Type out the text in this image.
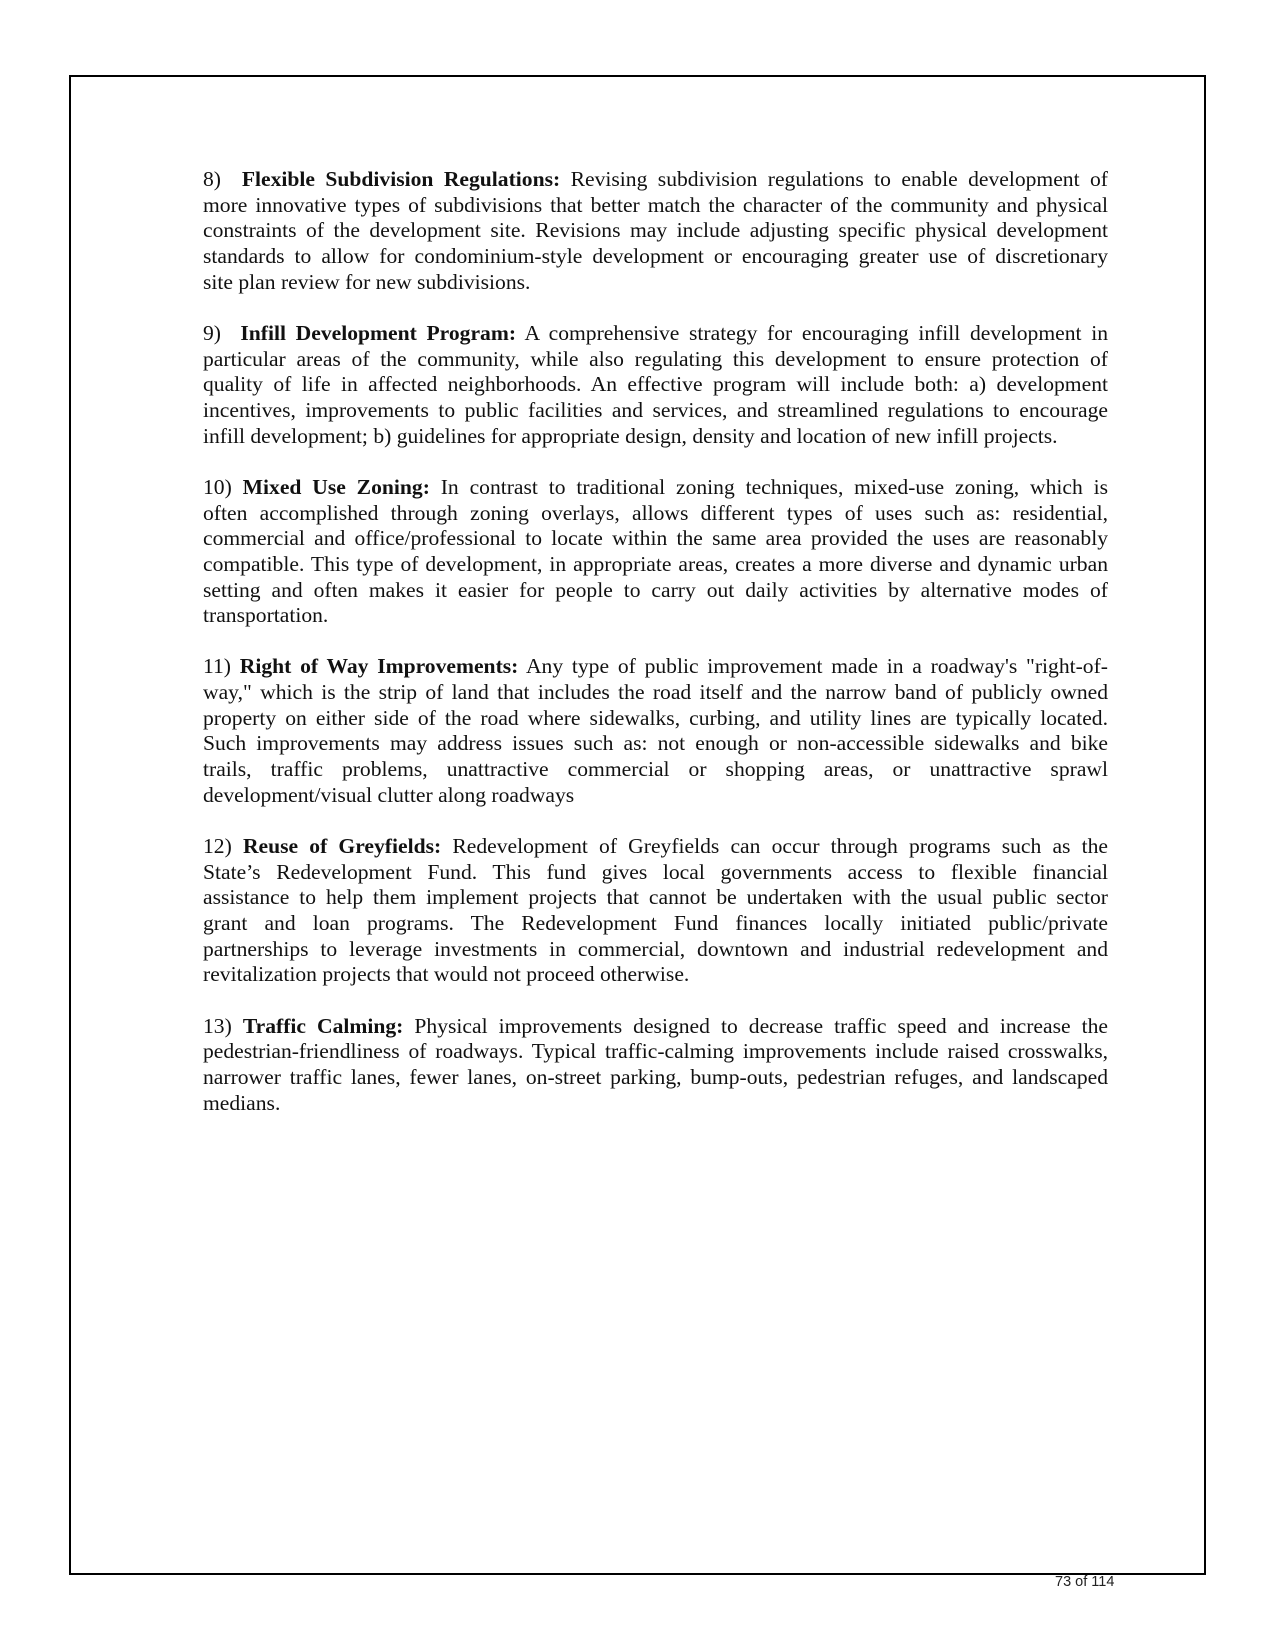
8) Flexible Subdivision Regulations: Revising subdivision regulations to enable development of
more innovative types of subdivisions that better match the character of the community and physical
constraints of the development site. Revisions may include adjusting specific physical development
standards to allow for condominium-style development or encouraging greater use of discretionary
site plan review for new subdivisions.
9) Infill Development Program: A comprehensive strategy for encouraging infill development in
particular areas of the community, while also regulating this development to ensure protection of
quality of life in affected neighborhoods. An effective program will include both: a) development
incentives, improvements to public facilities and services, and streamlined regulations to encourage
infill development; b) guidelines for appropriate design, density and location of new infill projects.
10) Mixed Use Zoning: In contrast to traditional zoning techniques, mixed-use zoning, which is
often accomplished through zoning overlays, allows different types of uses such as: residential,
commercial and office/professional to locate within the same area provided the uses are reasonably
compatible. This type of development, in appropriate areas, creates a more diverse and dynamic urban
setting and often makes it easier for people to carry out daily activities by alternative modes of
transportation.
11) Right of Way Improvements: Any type of public improvement made in a roadway's "right-of-
way," which is the strip of land that includes the road itself and the narrow band of publicly owned
property on either side of the road where sidewalks, curbing, and utility lines are typically located.
Such improvements may address issues such as: not enough or non-accessible sidewalks and bike
trails, traffic problems, unattractive commercial or shopping areas, or unattractive sprawl
development/visual clutter along roadways
12) Reuse of Greyfields: Redevelopment of Greyfields can occur through programs such as the
State’s Redevelopment Fund. This fund gives local governments access to flexible financial
assistance to help them implement projects that cannot be undertaken with the usual public sector
grant and loan programs. The Redevelopment Fund finances locally initiated public/private
partnerships to leverage investments in commercial, downtown and industrial redevelopment and
revitalization projects that would not proceed otherwise.
13) Traffic Calming: Physical improvements designed to decrease traffic speed and increase the
pedestrian-friendliness of roadways. Typical traffic-calming improvements include raised crosswalks,
narrower traffic lanes, fewer lanes, on-street parking, bump-outs, pedestrian refuges, and landscaped
medians.
73 of 114
